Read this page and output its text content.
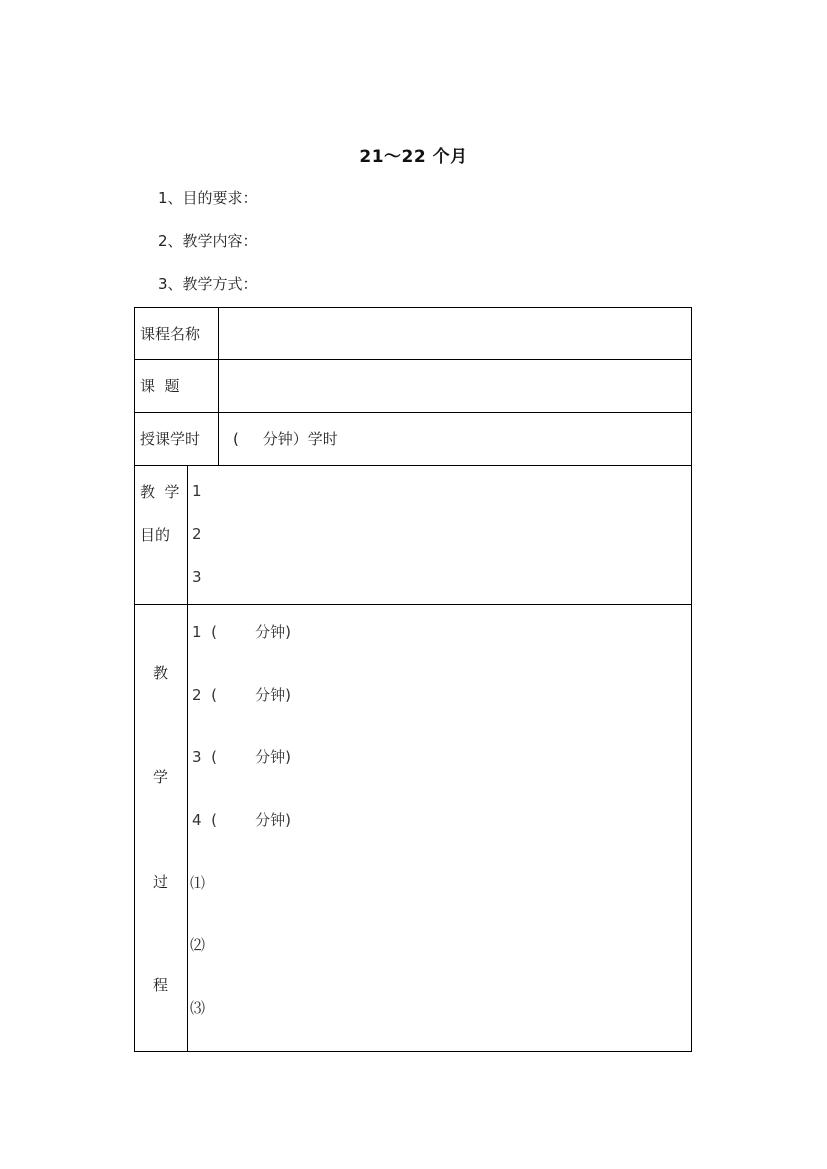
21～22 个月
1、目的要求：
2、教学内容：
3、教学方式：
课程名称
课  题
授课学时 (     分钟）学时
教  学
目的
1
2
3
教
学
过
程
1  (        分钟)
2  (        分钟)
3  (        分钟)
4  (        分钟)
⑴
⑵
⑶
